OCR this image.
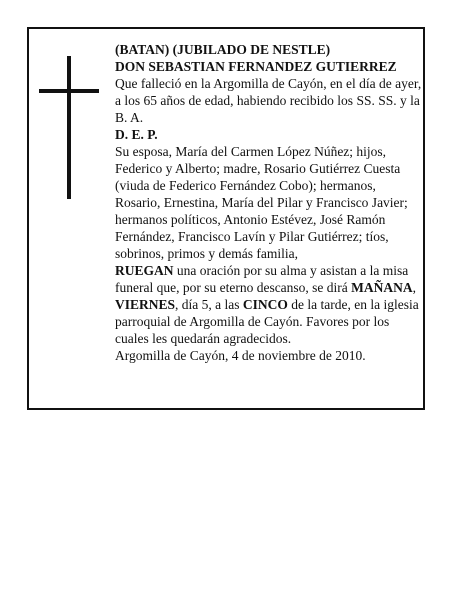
(BATAN) (JUBILADO DE NESTLE)

DON SEBASTIAN FERNANDEZ GUTIERREZ

Que falleció en la Argomilla de Cayón, en el día de ayer, a los 65 años de edad, habiendo recibido los SS. SS. y la B. A.

D. E. P.

Su esposa, María del Carmen López Núñez; hijos, Federico y Alberto; madre, Rosario Gutiérrez Cuesta (viuda de Federico Fernández Cobo); hermanos, Rosario, Ernestina, María del Pilar y Francisco Javier; hermanos políticos, Antonio Estévez, José Ramón Fernández, Francisco Lavín y Pilar Gutiérrez; tíos, sobrinos, primos y demás familia,

RUEGAN una oración por su alma y asistan a la misa funeral que, por su eterno descanso, se dirá MAÑANA, VIERNES, día 5, a las CINCO de la tarde, en la iglesia parroquial de Argomilla de Cayón. Favores por los cuales les quedarán agradecidos.

Argomilla de Cayón, 4 de noviembre de 2010.
